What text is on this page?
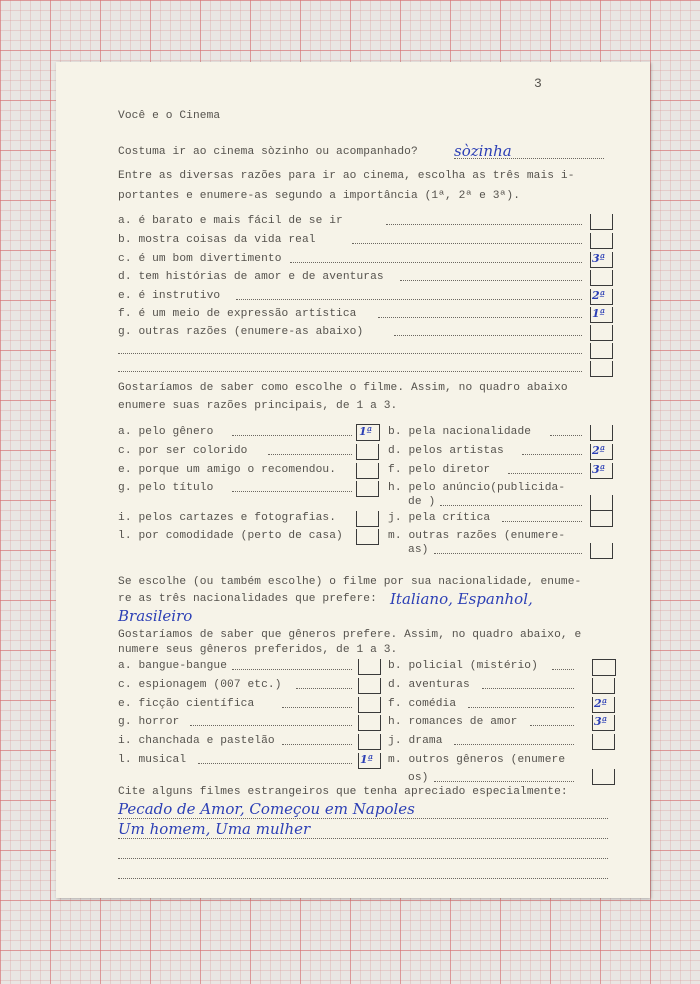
3
Você e o Cinema
Costuma ir ao cinema sòzinho ou acompanhado? sòzinha
Entre as diversas razões para ir ao cinema, escolha as três mais i-
portantes e enumere-as segundo a importância (1ª, 2ª e 3ª).
a. é barato e mais fácil de se ir
b. mostra coisas da vida real
c. é um bom divertimento	3ª
d. tem histórias de amor e de aventuras
e. é instrutivo	2ª
f. é um meio de expressão artística	1ª
g. outras razões (enumere-as abaixo)
Gostaríamos de saber como escolhe o filme. Assim, no quadro abaixo
enumere suas razões principais, de 1 a 3.
a. pelo gênero	1ª b. pela nacionalidade
c. por ser colorido	d. pelos artistas	2ª
e. porque um amigo o recomendou.	f. pelo diretor	3ª
g. pelo título	h. pelo anúncio(publicida-
de )
i. pelos cartazes e fotografias.	j. pela crítica
l. por comodidade (perto de casa)	m. outras razões (enumere-
as)
Se escolhe (ou também escolhe) o filme por sua nacionalidade, enume-
re as três nacionalidades que prefere: Italiano, Espanhol,
Brasileiro
Gostaríamos de saber que gêneros prefere. Assim, no quadro abaixo, e
numere seus gêneros preferidos, de 1 a 3.
a. bangue-bangue	b. policial (mistério)
c. espionagem (007 etc.)	d. aventuras
e. ficção científica	f. comédia	2ª
g. horror	h. romances de amor	3ª
i. chanchada e pastelão	j. drama
l. musical	1ª m. outros gêneros (enumere
os)
Cite alguns filmes estrangeiros que tenha apreciado especialmente:
Pecado de Amor, Começou em Napoles
Um homem, Uma mulher
